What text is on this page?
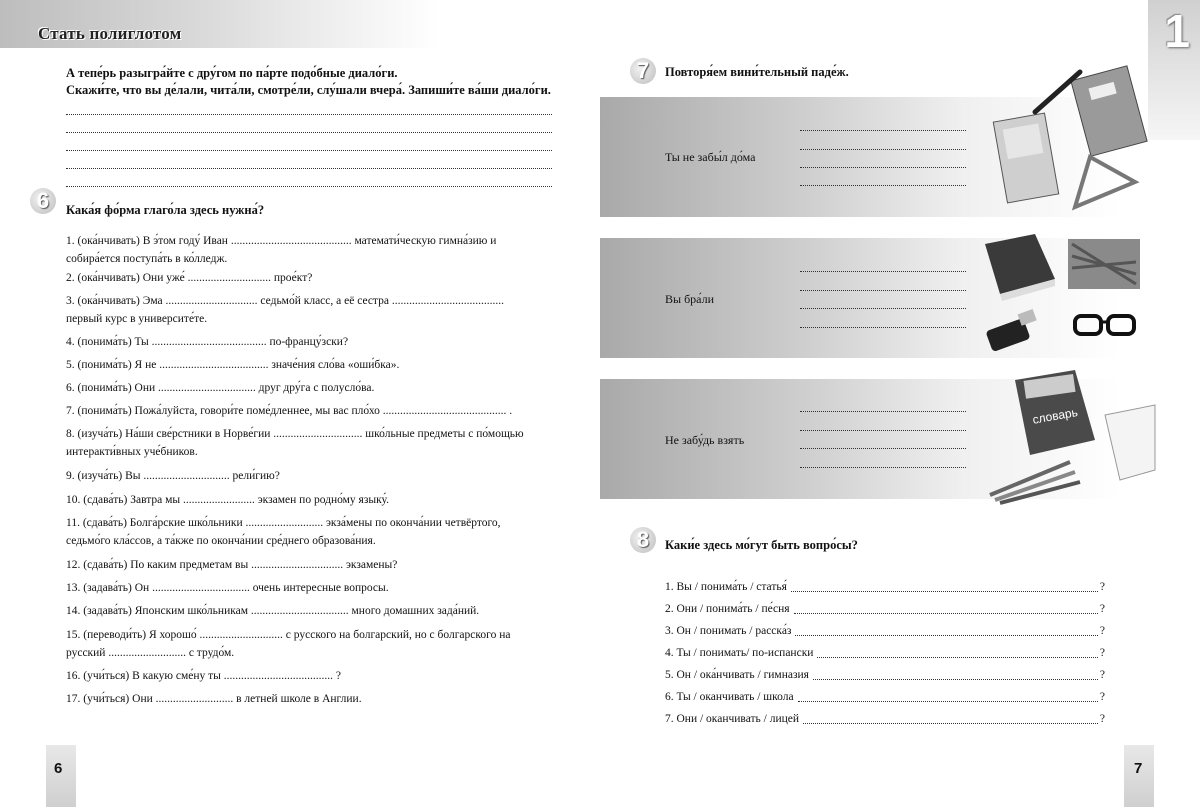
Стать полиглотом	1
А тепе́рь разыгра́йте с дру́гом по па́рте подо́бные диало́ги.
Скажи́те, что вы де́лали, чита́ли, смотре́ли, слу́шали вчера́. Запиши́те ва́ши диало́ги.
6	Кака́я фо́рма глаго́ла здесь нужна́?
1. (ока́нчивать) В э́том году́ Иван .......................................... математи́ческую гимна́зию и
собира́ется поступа́ть в ко́лледж.
2. (ока́нчивать) Они уже́ ............................. прое́кт?
3. (ока́нчивать) Эма ................................ седьмо́й класс, а её сестра .......................................
первый курс в университе́те.
4. (понима́ть) Ты ........................................ по-францу́зски?
5. (понима́ть) Я не ...................................... значе́ния сло́ва «оши́бка».
6. (понима́ть) Они .................................. друг дру́га с полусло́ва.
7. (понима́ть) Пожа́луйста, говори́те поме́дленнее, мы вас пло́хо ........................................... .
8. (изуча́ть) На́ши све́рстники в Норве́гии ............................... шко́льные предметы с по́мощью
интеракти́вных уче́бников.
9. (изуча́ть) Вы .............................. рели́гию?
10. (сдава́ть) Завтра мы ......................... экзамен по родно́му языку́.
11. (сдава́ть) Болга́рские шко́льники ........................... экза́мены по оконча́нии четвёртого,
седьмо́го кла́ссов, а та́кже по оконча́нии сре́днего образова́ния.
12. (сдава́ть) По каким предметам вы ................................ экзамены?
13. (задава́ть) Он .................................. очень интересные вопросы.
14. (задава́ть) Японским шко́льникам .................................. много домашних зада́ний.
15. (переводи́ть) Я хорошо́ ............................. с русского на болгарский, но с болгарского на
русский ........................... с трудо́м.
16. (учи́ться) В какую сме́ну ты ...................................... ?
17. (учи́ться) Они ........................... в летней школе в Англии.
7	Повторя́ем вини́тельный паде́ж.
Ты не забы́л до́ма
Вы бра́ли
Не забу́дь взять
словарь
8	Каки́е здесь мо́гут быть вопро́сы?
1. Вы / понима́ть / статья́	?
2. Они / понима́ть / пе́сня	?
3. Он / понимать / расска́з	?
4. Ты / понимать/ по-испански	?
5. Он / ока́нчивать / гимназия	?
6. Ты / оканчивать / школа	?
7. Они / оканчивать / лицей	?
6	7
